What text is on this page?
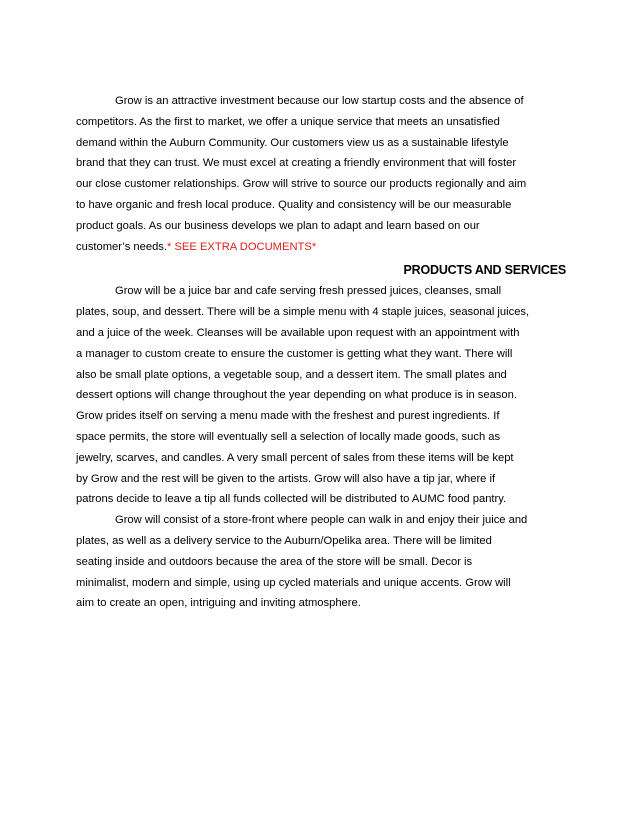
Grow is an attractive investment because our low startup costs and the absence of
competitors. As the first to market, we offer a unique service that meets an unsatisfied
demand within the Auburn Community. Our customers view us as a sustainable lifestyle
brand that they can trust. We must excel at creating a friendly environment that will foster
our close customer relationships. Grow will strive to source our products regionally and aim
to have organic and fresh local produce. Quality and consistency will be our measurable
product goals. As our business develops we plan to adapt and learn based on our
customer’s needs.* SEE EXTRA DOCUMENTS*
PRODUCTS AND SERVICES
Grow will be a juice bar and cafe serving fresh pressed juices, cleanses, small
plates, soup, and dessert. There will be a simple menu with 4 staple juices, seasonal juices,
and a juice of the week. Cleanses will be available upon request with an appointment with
a manager to custom create to ensure the customer is getting what they want. There will
also be small plate options, a vegetable soup, and a dessert item. The small plates and
dessert options will change throughout the year depending on what produce is in season.
Grow prides itself on serving a menu made with the freshest and purest ingredients. If
space permits, the store will eventually sell a selection of locally made goods, such as
jewelry, scarves, and candles. A very small percent of sales from these items will be kept
by Grow and the rest will be given to the artists. Grow will also have a tip jar, where if
patrons decide to leave a tip all funds collected will be distributed to AUMC food pantry.
Grow will consist of a store-front where people can walk in and enjoy their juice and
plates, as well as a delivery service to the Auburn/Opelika area. There will be limited
seating inside and outdoors because the area of the store will be small. Decor is
minimalist, modern and simple, using up cycled materials and unique accents. Grow will
aim to create an open, intriguing and inviting atmosphere.
